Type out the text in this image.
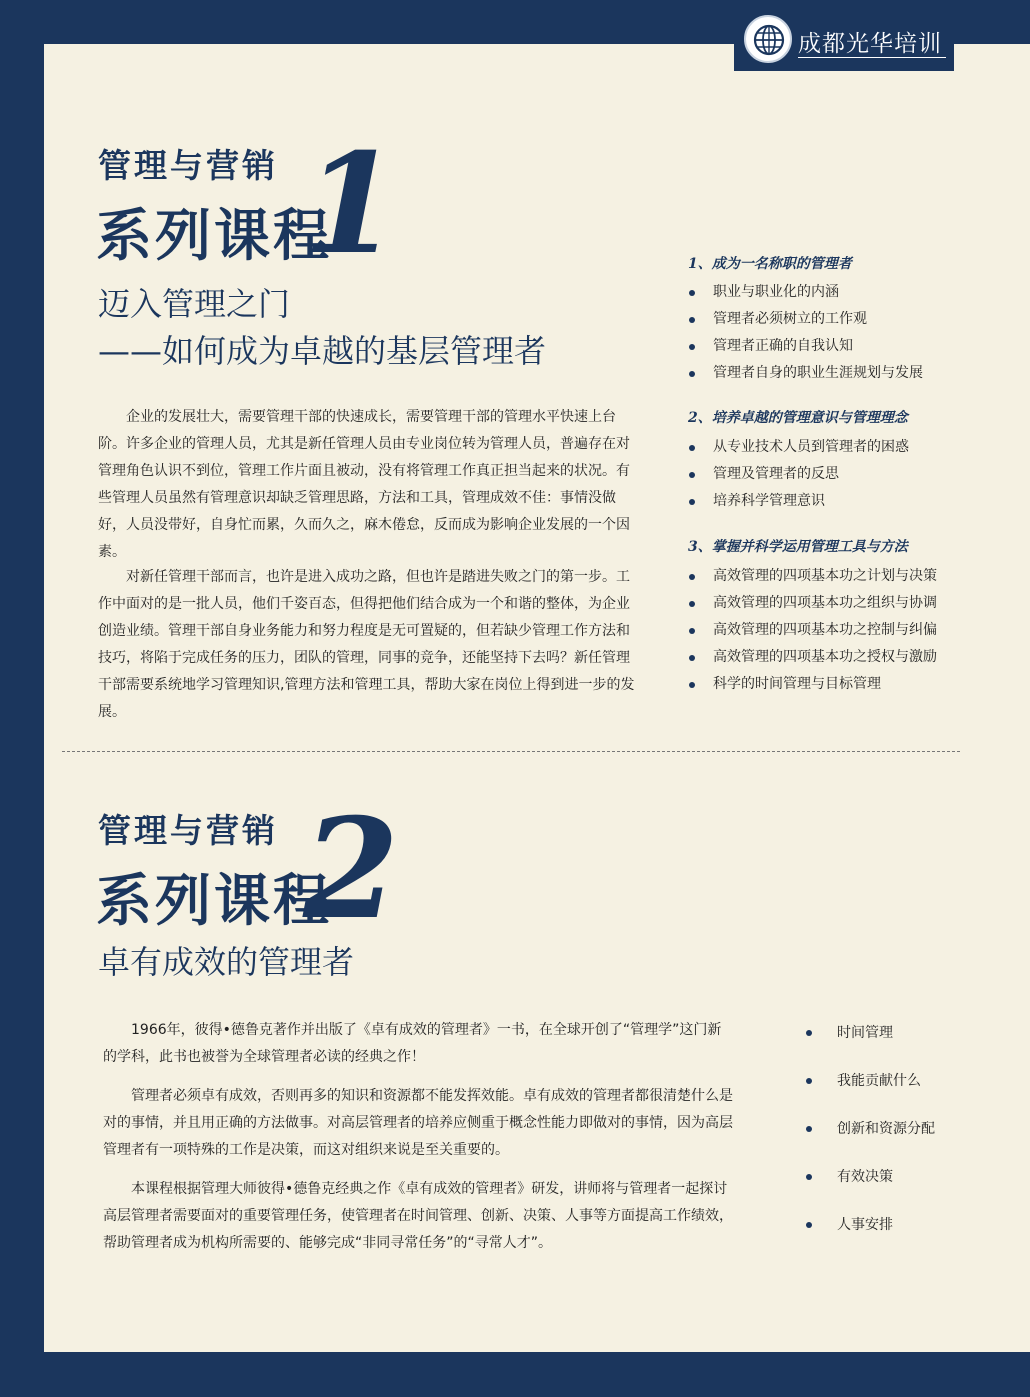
成都光华培训
管理与营销
系列课程
1
迈入管理之门
——如何成为卓越的基层管理者

企业的发展壮大，需要管理干部的快速成长，需要管理干部的管理水平快速上台阶。许多企业的管理人员，尤其是新任管理人员由专业岗位转为管理人员，普遍存在对管理角色认识不到位，管理工作片面且被动，没有将管理工作真正担当起来的状况。有些管理人员虽然有管理意识却缺乏管理思路，方法和工具，管理成效不佳：事情没做好，人员没带好，自身忙而累，久而久之，麻木倦怠，反而成为影响企业发展的一个因素。

对新任管理干部而言，也许是进入成功之路，但也许是踏进失败之门的第一步。工作中面对的是一批人员，他们千姿百态，但得把他们结合成为一个和谐的整体，为企业创造业绩。管理干部自身业务能力和努力程度是无可置疑的，但若缺少管理工作方法和技巧，将陷于完成任务的压力，团队的管理，同事的竞争，还能坚持下去吗？新任管理干部需要系统地学习管理知识,管理方法和管理工具，帮助大家在岗位上得到进一步的发展。

1、成为一名称职的管理者
职业与职业化的内涵
管理者必须树立的工作观
管理者正确的自我认知
管理者自身的职业生涯规划与发展
2、培养卓越的管理意识与管理理念
从专业技术人员到管理者的困惑
管理及管理者的反思
培养科学管理意识
3、掌握并科学运用管理工具与方法
高效管理的四项基本功之计划与决策
高效管理的四项基本功之组织与协调
高效管理的四项基本功之控制与纠偏
高效管理的四项基本功之授权与激励
科学的时间管理与目标管理
管理与营销
系列课程
2
卓有成效的管理者

1966年，彼得•德鲁克著作并出版了《卓有成效的管理者》一书，在全球开创了“管理学”这门新的学科，此书也被誉为全球管理者必读的经典之作！

管理者必须卓有成效，否则再多的知识和资源都不能发挥效能。卓有成效的管理者都很清楚什么是对的事情，并且用正确的方法做事。对高层管理者的培养应侧重于概念性能力即做对的事情，因为高层管理者有一项特殊的工作是决策，而这对组织来说是至关重要的。

本课程根据管理大师彼得•德鲁克经典之作《卓有成效的管理者》研发，讲师将与管理者一起探讨高层管理者需要面对的重要管理任务，使管理者在时间管理、创新、决策、人事等方面提高工作绩效，帮助管理者成为机构所需要的、能够完成“非同寻常任务”的“寻常人才”。

时间管理
我能贡献什么
创新和资源分配
有效决策
人事安排
